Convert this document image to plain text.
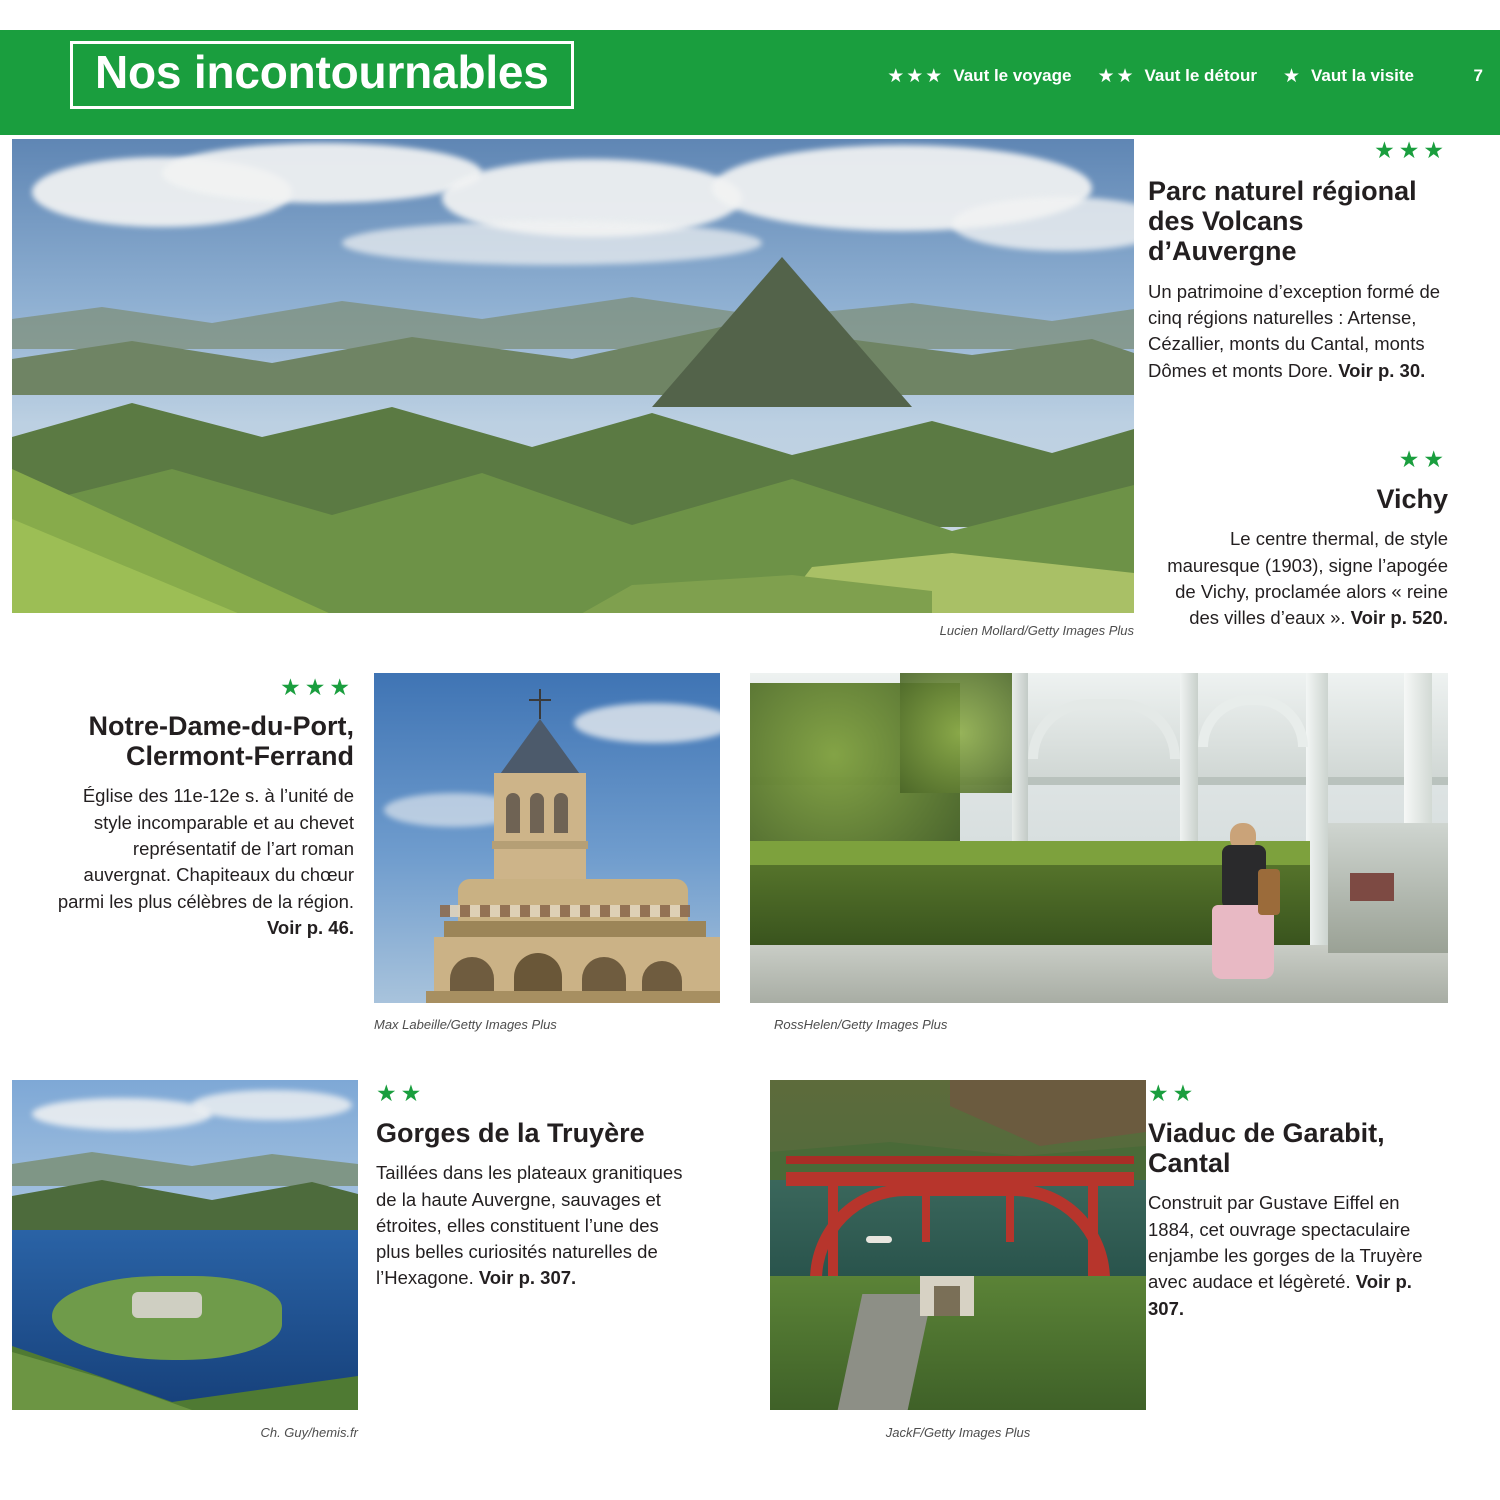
Nos incontournables	★★★ Vaut le voyage ★★ Vaut le détour ★ Vaut la visite	7
Lucien Mollard/Getty Images Plus
★★★
Parc naturel régional des Volcans d’Auvergne
Un patrimoine d’exception formé de cinq régions naturelles : Artense, Cézallier, monts du Cantal, monts Dômes et monts Dore. Voir p. 30.
★★
Vichy
Le centre thermal, de style mauresque (1903), signe l’apogée de Vichy, proclamée alors « reine des villes d’eaux ». Voir p. 520.
★★★
Notre-Dame-du-Port, Clermont-Ferrand
Église des 11e-12e s. à l’unité de style incomparable et au chevet représentatif de l’art roman auvergnat. Chapiteaux du chœur parmi les plus célèbres de la région. Voir p. 46.
Max Labeille/Getty Images Plus	RossHelen/Getty Images Plus
Ch. Guy/hemis.fr
★★
Gorges de la Truyère
Taillées dans les plateaux granitiques de la haute Auvergne, sauvages et étroites, elles constituent l’une des plus belles curiosités naturelles de l’Hexagone. Voir p. 307.
JackF/Getty Images Plus
★★
Viaduc de Garabit, Cantal
Construit par Gustave Eiffel en 1884, cet ouvrage spectaculaire enjambe les gorges de la Truyère avec audace et légèreté. Voir p. 307.
